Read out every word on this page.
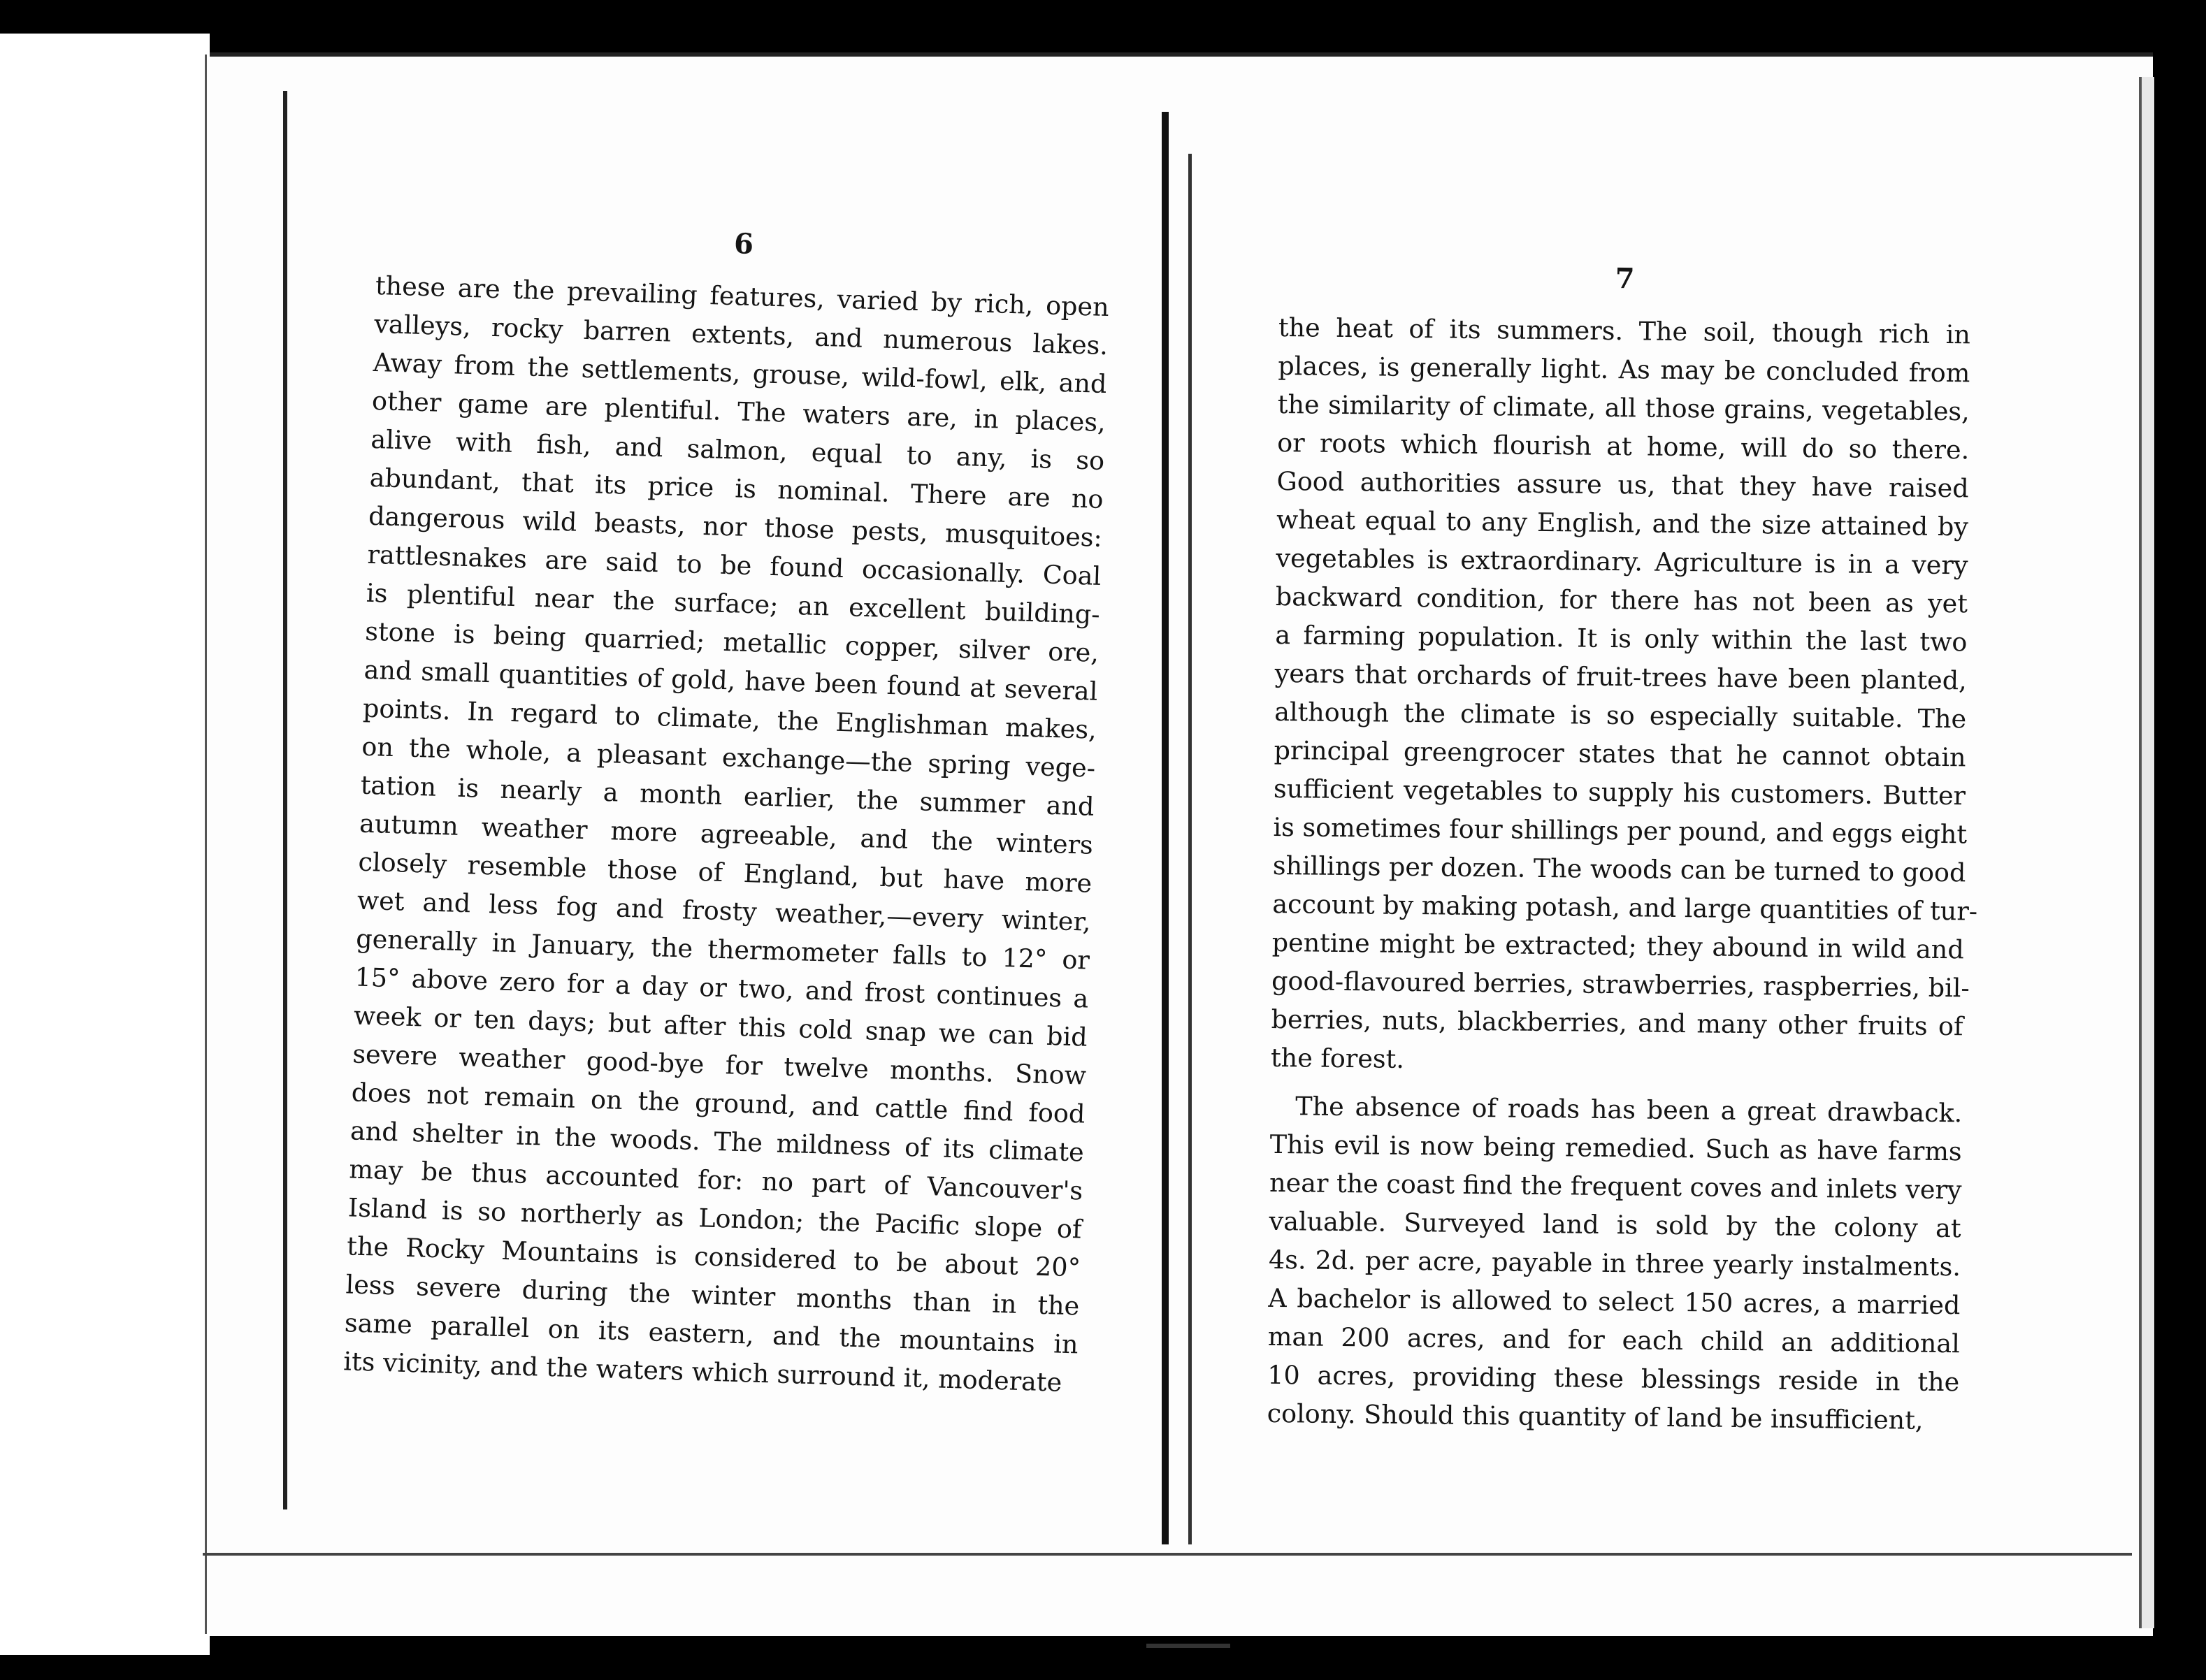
6
these are the prevailing features, varied by rich, open
valleys, rocky barren extents, and numerous lakes.
Away from the settlements, grouse, wild-fowl, elk, and
other game are plentiful. The waters are, in places,
alive with fish, and salmon, equal to any, is so
abundant, that its price is nominal. There are no
dangerous wild beasts, nor those pests, musquitoes:
rattlesnakes are said to be found occasionally. Coal
is plentiful near the surface; an excellent building-
stone is being quarried; metallic copper, silver ore,
and small quantities of gold, have been found at several
points. In regard to climate, the Englishman makes,
on the whole, a pleasant exchange—the spring vege-
tation is nearly a month earlier, the summer and
autumn weather more agreeable, and the winters
closely resemble those of England, but have more
wet and less fog and frosty weather,—every winter,
generally in January, the thermometer falls to 12° or
15° above zero for a day or two, and frost continues a
week or ten days; but after this cold snap we can bid
severe weather good-bye for twelve months. Snow
does not remain on the ground, and cattle find food
and shelter in the woods. The mildness of its climate
may be thus accounted for: no part of Vancouver's
Island is so northerly as London; the Pacific slope of
the Rocky Mountains is considered to be about 20°
less severe during the winter months than in the
same parallel on its eastern, and the mountains in
its vicinity, and the waters which surround it, moderate
7
the heat of its summers. The soil, though rich in
places, is generally light. As may be concluded from
the similarity of climate, all those grains, vegetables,
or roots which flourish at home, will do so there.
Good authorities assure us, that they have raised
wheat equal to any English, and the size attained by
vegetables is extraordinary. Agriculture is in a very
backward condition, for there has not been as yet
a farming population. It is only within the last two
years that orchards of fruit-trees have been planted,
although the climate is so especially suitable. The
principal greengrocer states that he cannot obtain
sufficient vegetables to supply his customers. Butter
is sometimes four shillings per pound, and eggs eight
shillings per dozen. The woods can be turned to good
account by making potash, and large quantities of tur-
pentine might be extracted; they abound in wild and
good-flavoured berries, strawberries, raspberries, bil-
berries, nuts, blackberries, and many other fruits of
the forest.
The absence of roads has been a great drawback.
This evil is now being remedied. Such as have farms
near the coast find the frequent coves and inlets very
valuable. Surveyed land is sold by the colony at
4s. 2d. per acre, payable in three yearly instalments.
A bachelor is allowed to select 150 acres, a married
man 200 acres, and for each child an additional
10 acres, providing these blessings reside in the
colony. Should this quantity of land be insufficient,
